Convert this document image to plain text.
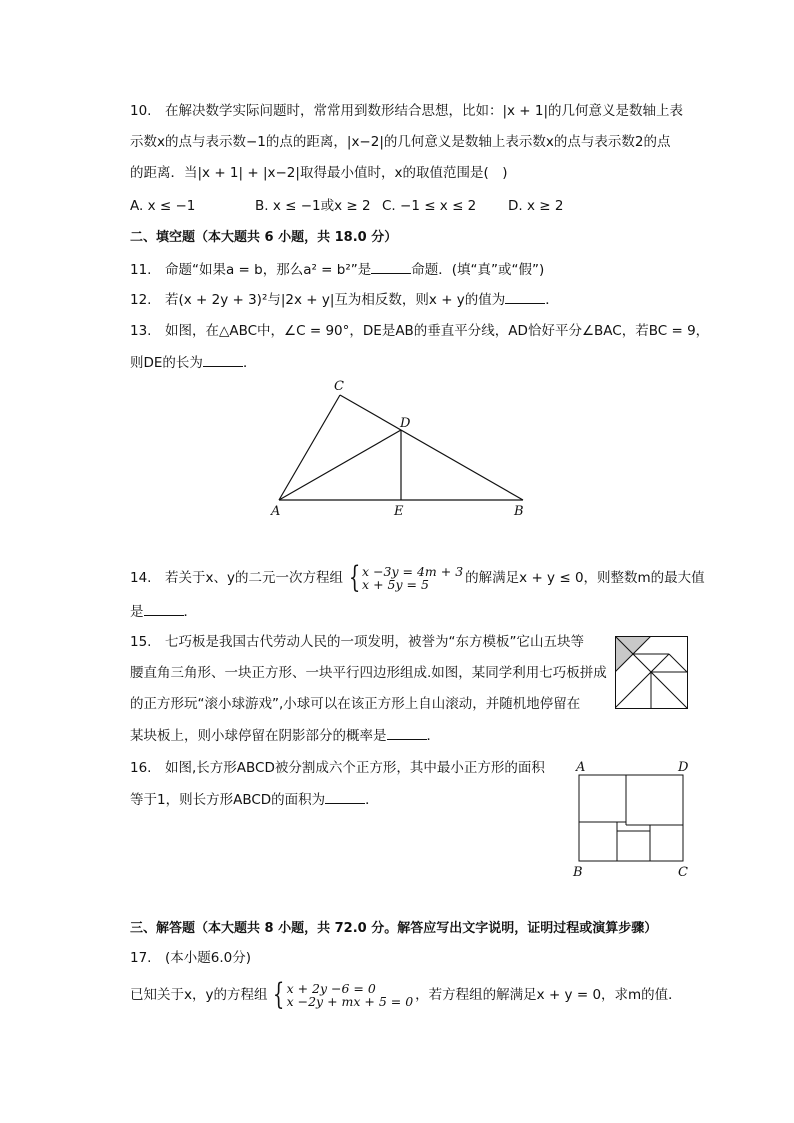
10.　在解决数学实际问题时，常常用到数形结合思想，比如：|x + 1|的几何意义是数轴上表
示数x的点与表示数−1的点的距离，|x−2|的几何意义是数轴上表示数x的点与表示数2的点
的距离．当|x + 1| + |x−2|取得最小值时，x的取值范围是(　)
A. x ≤ −1	B. x ≤ −1或x ≥ 2 C. −1 ≤ x ≤ 2 D. x ≥ 2
二、填空题（本大题共 6 小题，共 18.0 分）
11.　命题“如果a = b，那么a² = b²”是	命题．(填“真”或“假”)
12.　若(x + 2y + 3)²与|2x + y|互为相反数，则x + y的值为	．
13.　如图，在△ABC中，∠C = 90°，DE是AB的垂直平分线，AD恰好平分∠BAC，若BC = 9，
则DE的长为	．
A	B
C
D
E
14.　若关于x、y的二元一次方程组 { x −3y = 4m + 3
x + 5y = 5	的解满足x + y ≤ 0，则整数m的最大值
是	．
15.　七巧板是我国古代劳动人民的一项发明，被誉为“东方模板”它山五块等
腰直角三角形、一块正方形、一块平行四边形组成.如图，某同学利用七巧板拼成
的正方形玩“滚小球游戏”,小球可以在该正方形上自山滚动，并随机地停留在
某块板上，则小球停留在阴影部分的概率是	．
16.　如图,长方形ABCD被分割成六个正方形，其中最小正方形的面积
等于1，则长方形ABCD的面积为	．
A	D
B	C
三、解答题（本大题共 8 小题，共 72.0 分。解答应写出文字说明，证明过程或演算步骤）
17.　(本小题6.0分)
已知关于x，y的方程组 { x + 2y −6 = 0
x −2y + mx + 5 = 0 ，若方程组的解满足x + y = 0，求m的值．
